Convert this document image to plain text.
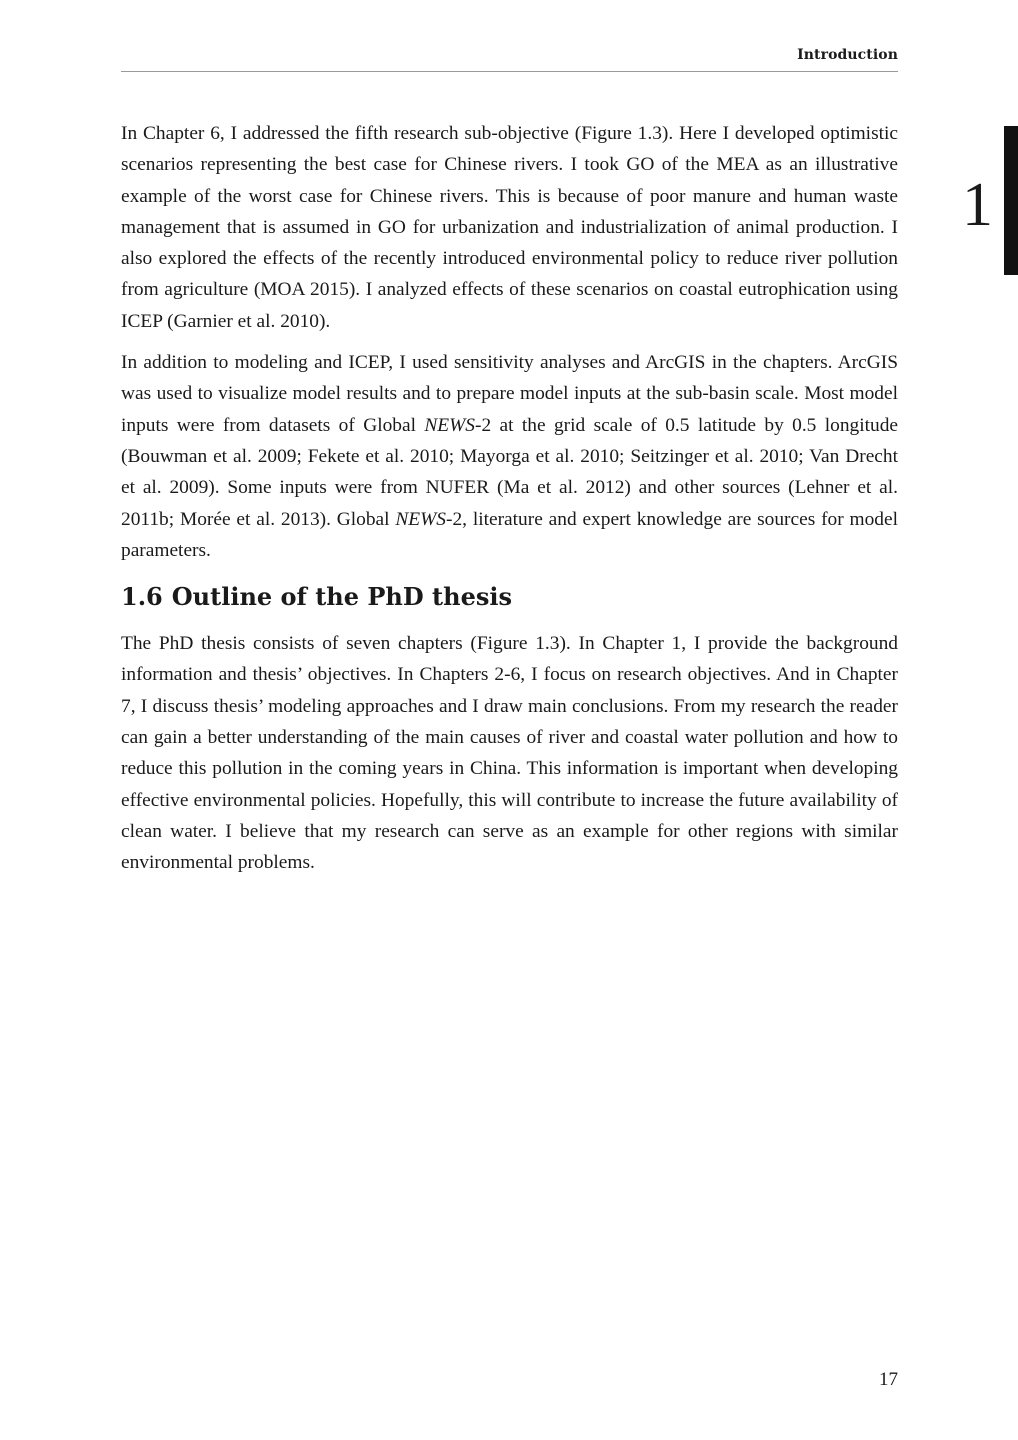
Introduction
1

In Chapter 6, I addressed the fifth research sub-objective (Figure 1.3). Here I developed optimistic scenarios representing the best case for Chinese rivers. I took GO of the MEA as an illustrative example of the worst case for Chinese rivers. This is because of poor manure and human waste management that is assumed in GO for urbanization and industrialization of animal production. I also explored the effects of the recently introduced environmental policy to reduce river pollution from agriculture (MOA 2015). I analyzed effects of these scenarios on coastal eutrophication using ICEP (Garnier et al. 2010).

In addition to modeling and ICEP, I used sensitivity analyses and ArcGIS in the chapters. ArcGIS was used to visualize model results and to prepare model inputs at the sub-basin scale. Most model inputs were from datasets of Global NEWS-2 at the grid scale of 0.5 latitude by 0.5 longitude (Bouwman et al. 2009; Fekete et al. 2010; Mayorga et al. 2010; Seitzinger et al. 2010; Van Drecht et al. 2009). Some inputs were from NUFER (Ma et al. 2012) and other sources (Lehner et al. 2011b; Morée et al. 2013). Global NEWS-2, literature and expert knowledge are sources for model parameters.

1.6 Outline of the PhD thesis

The PhD thesis consists of seven chapters (Figure 1.3). In Chapter 1, I provide the background information and thesis’ objectives. In Chapters 2-6, I focus on research objectives. And in Chapter 7, I discuss thesis’ modeling approaches and I draw main conclusions. From my research the reader can gain a better understanding of the main causes of river and coastal water pollution and how to reduce this pollution in the coming years in China. This information is important when developing effective environmental policies. Hopefully, this will contribute to increase the future availability of clean water. I believe that my research can serve as an example for other regions with similar environmental problems.

17
